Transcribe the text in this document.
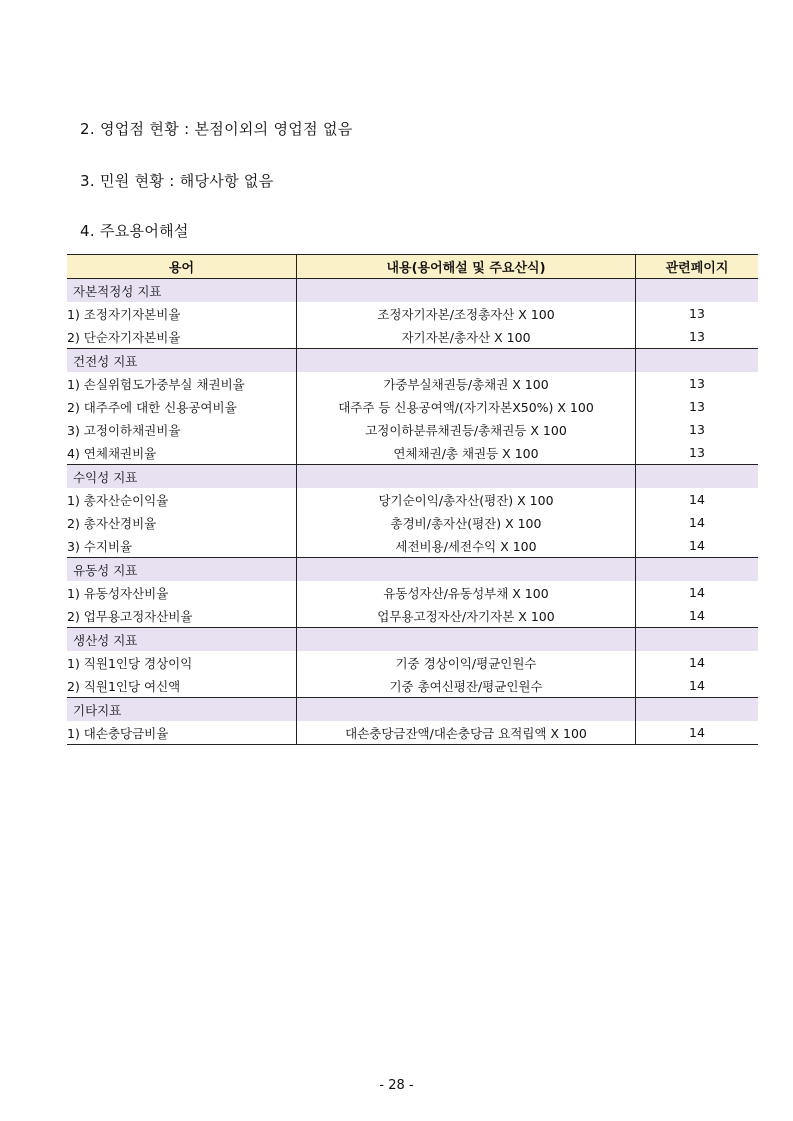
2. 영업점 현황 : 본점이외의 영업점 없음
3. 민원 현황 : 해당사항 없음
4. 주요용어해설
용어	내용(용어해설 및 주요산식)	관련페이지
자본적정성 지표		
1) 조정자기자본비율	조정자기자본/조정총자산 X 100	13
2) 단순자기자본비율	자기자본/총자산 X 100	13
건전성 지표		
1) 손실위험도가중부실 채권비율	가중부실채권등/총채권 X 100	13
2) 대주주에 대한 신용공여비율	대주주 등 신용공여액/(자기자본X50%) X 100	13
3) 고정이하채권비율	고정이하분류채권등/총채권등 X 100	13
4) 연체채권비율	연체채권/총 채권등 X 100	13
수익성 지표		
1) 총자산순이익율	당기순이익/총자산(평잔) X 100	14
2) 총자산경비율	총경비/총자산(평잔) X 100	14
3) 수지비율	세전비용/세전수익 X 100	14
유동성 지표		
1) 유동성자산비율	유동성자산/유동성부채 X 100	14
2) 업무용고정자산비율	업무용고정자산/자기자본 X 100	14
생산성 지표		
1) 직원1인당 경상이익	기중 경상이익/평균인원수	14
2) 직원1인당 여신액	기중 총여신평잔/평균인원수	14
기타지표		
1) 대손충당금비율	대손충당금잔액/대손충당금 요적립액 X 100	14
- 28 -
